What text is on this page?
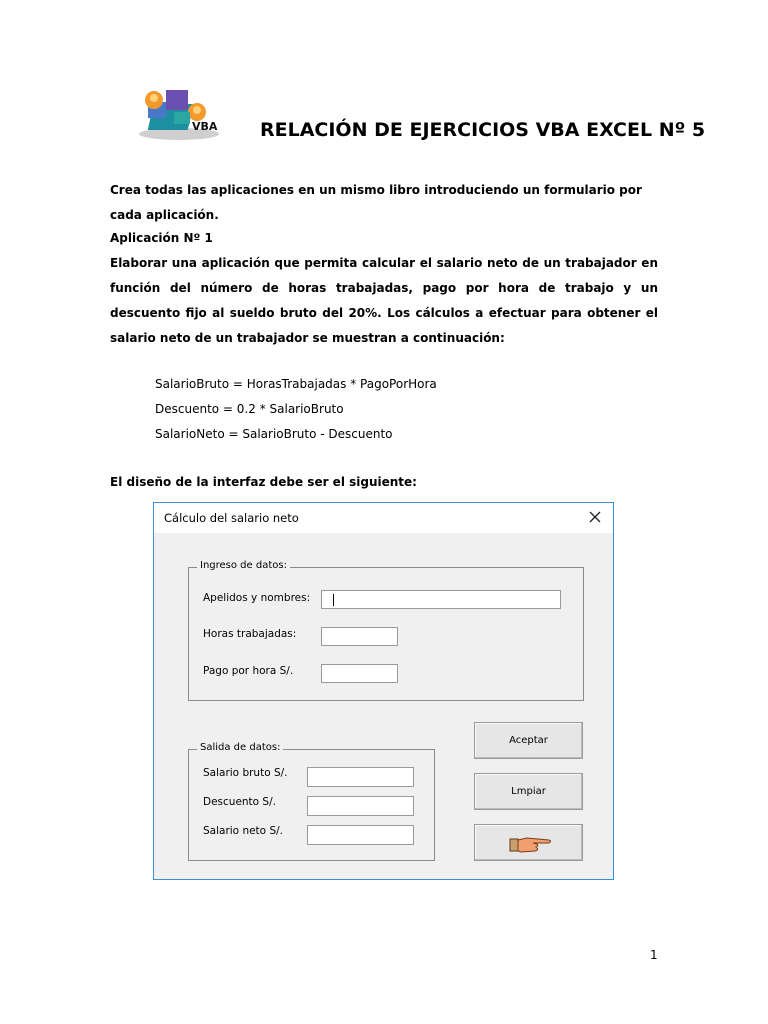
VBA RELACIÓN DE EJERCICIOS VBA EXCEL Nº 5
Crea todas las aplicaciones en un mismo libro introduciendo un formulario por cada aplicación.
Aplicación Nº 1
Elaborar una aplicación que permita calcular el salario neto de un trabajador en función del número de horas trabajadas, pago por hora de trabajo y un descuento fijo al sueldo bruto del 20%. Los cálculos a efectuar para obtener el salario neto de un trabajador se muestran a continuación:
SalarioBruto = HorasTrabajadas * PagoPorHora
Descuento = 0.2 * SalarioBruto
SalarioNeto = SalarioBruto - Descuento
El diseño de la interfaz debe ser el siguiente:
Cálculo del salario neto
Ingreso de datos:
Apelidos y nombres:
Horas trabajadas:
Pago por hora S/.
Salida de datos:
Salario bruto S/.
Descuento S/.
Salario neto S/.
Aceptar
Lmpiar
1
